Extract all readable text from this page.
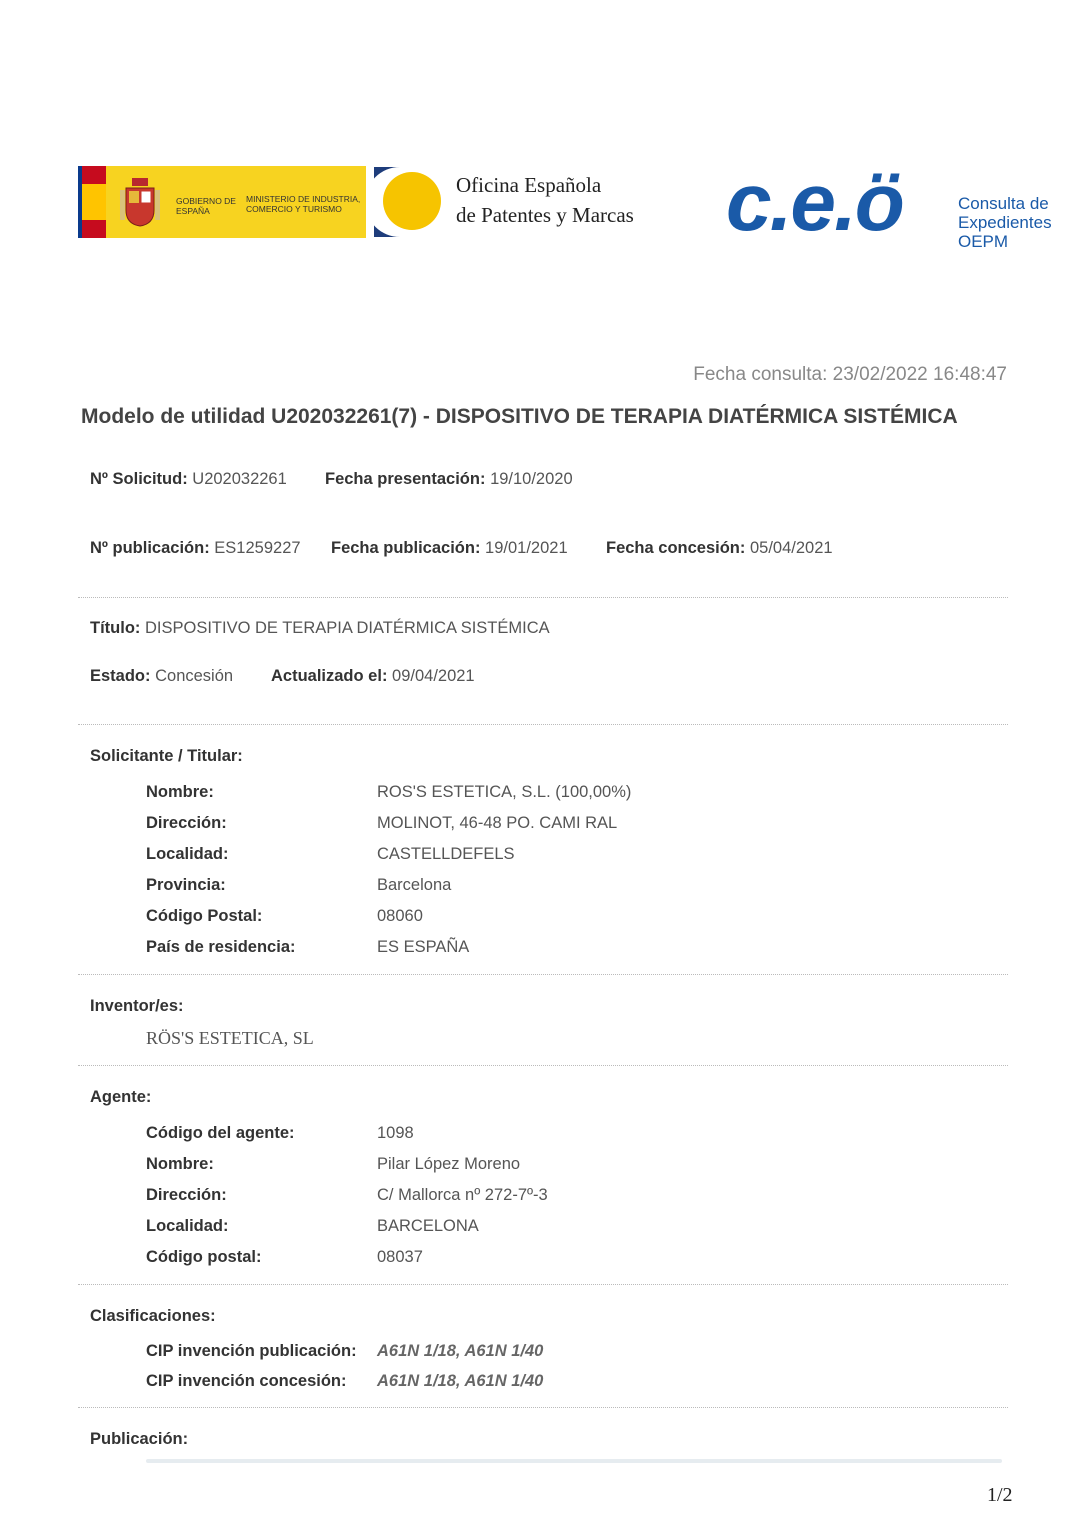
GOBIERNO DE ESPAÑA
MINISTERIO DE INDUSTRIA, COMERCIO Y TURISMO
Oficina Española
de Patentes y Marcas c.e.ö	Consulta de Expedientes OEPM
Fecha consulta: 23/02/2022 16:48:47
Modelo de utilidad U202032261(7) - DISPOSITIVO DE TERAPIA DIATÉRMICA SISTÉMICA
Nº Solicitud: U202032261 Fecha presentación: 19/10/2020
Nº publicación: ES1259227 Fecha publicación: 19/01/2021 Fecha concesión: 05/04/2021
Título: DISPOSITIVO DE TERAPIA DIATÉRMICA SISTÉMICA
Estado: Concesión Actualizado el: 09/04/2021
Solicitante / Titular:
Nombre:	ROS'S ESTETICA, S.L. (100,00%)
Dirección:	MOLINOT, 46-48 PO. CAMI RAL
Localidad:	CASTELLDEFELS
Provincia:	Barcelona
Código Postal:	08060
País de residencia:	ES ESPAÑA
Inventor/es:
RÖS'S ESTETICA, SL
Agente:
Código del agente:	1098
Nombre:	Pilar López Moreno
Dirección:	C/ Mallorca nº 272-7º-3
Localidad:	BARCELONA
Código postal:	08037
Clasificaciones:
CIP invención publicación: A61N 1/18, A61N 1/40
CIP invención concesión: A61N 1/18, A61N 1/40
Publicación:
1/2
